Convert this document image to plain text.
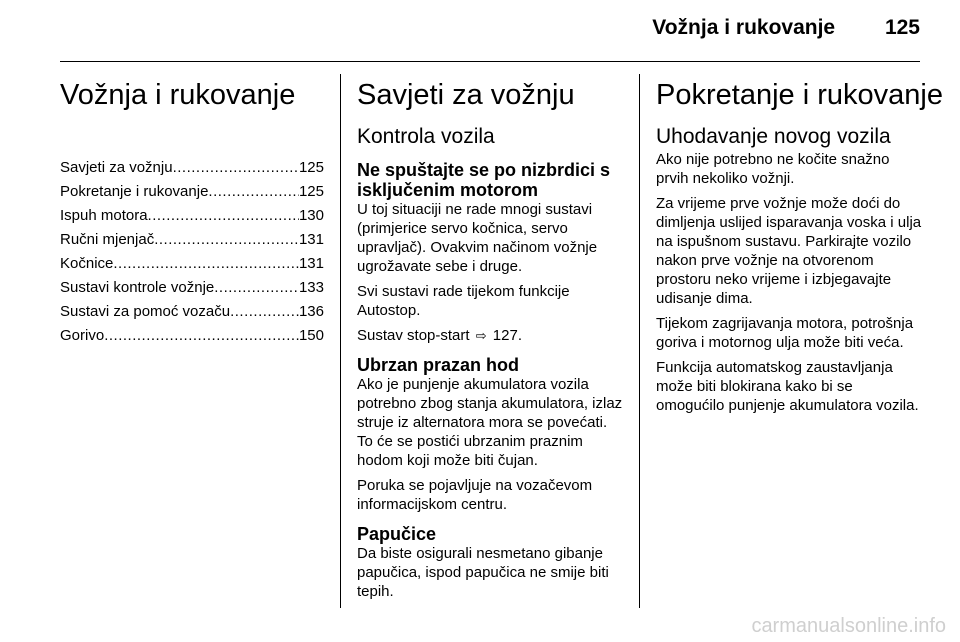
Vožnja i rukovanje 125
Vožnja i rukovanje
Savjeti za vožnju .....	125
Pokretanje i rukovanje .....	125
Ispuh motora .....	130
Ručni mjenjač .....	131
Kočnice .....	131
Sustavi kontrole vožnje .....	133
Sustavi za pomoć vozaču .....	136
Gorivo .....	150
Savjeti za vožnju
Kontrola vozila
Ne spuštajte se po nizbrdici s isključenim motorom

U toj situaciji ne rade mnogi sustavi (primjerice servo kočnica, servo upravljač). Ovakvim načinom vožnje ugrožavate sebe i druge.

Svi sustavi rade tijekom funkcije Autostop.

Sustav stop-start ⇨ 127.

Ubrzan prazan hod

Ako je punjenje akumulatora vozila potrebno zbog stanja akumulatora, izlaz struje iz alternatora mora se povećati. To će se postići ubrzanim praznim hodom koji može biti čujan.

Poruka se pojavljuje na vozačevom informacijskom centru.

Papučice

Da biste osigurali nesmetano gibanje papučica, ispod papučica ne smije biti tepih.

Pokretanje i rukovanje
Uhodavanje novog vozila

Ako nije potrebno ne kočite snažno prvih nekoliko vožnji.

Za vrijeme prve vožnje može doći do dimljenja uslijed isparavanja voska i ulja na ispušnom sustavu. Parkirajte vozilo nakon prve vožnje na otvorenom prostoru neko vrijeme i izbjegavajte udisanje dima.

Tijekom zagrijavanja motora, potrošnja goriva i motornog ulja može biti veća.

Funkcija automatskog zaustavljanja može biti blokirana kako bi se omogućilo punjenje akumulatora vozila.

carmanualsonline.info
